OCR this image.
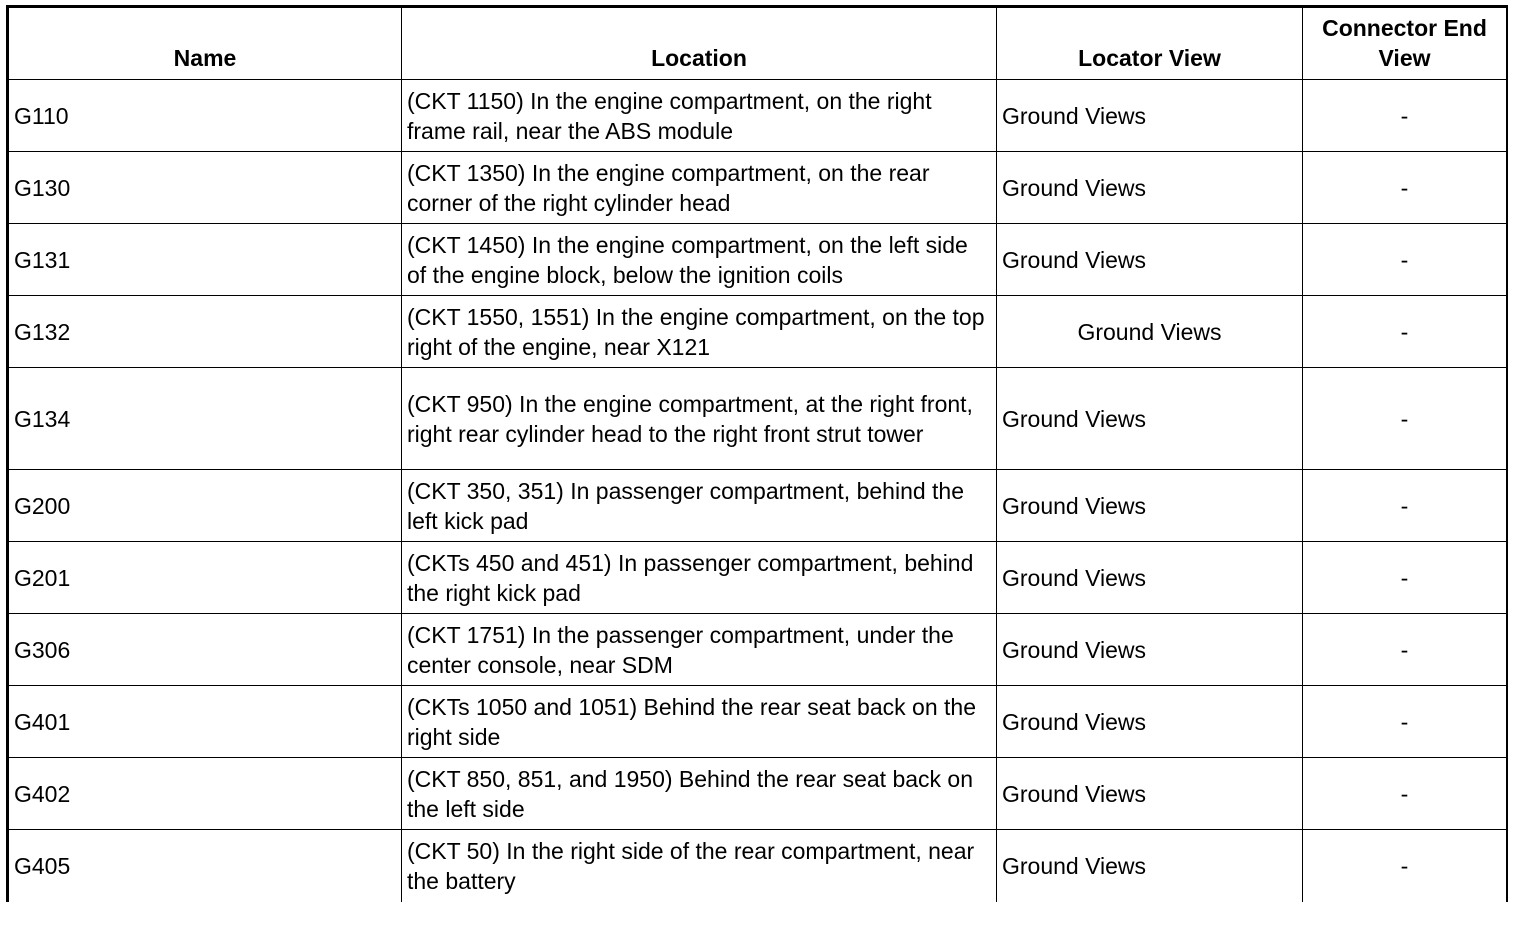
Name	Location	Locator View	Connector End View
G110	(CKT 1150) In the engine compartment, on the right frame rail, near the ABS module	Ground Views	-
G130	(CKT 1350) In the engine compartment, on the rear corner of the right cylinder head	Ground Views	-
G131	(CKT 1450) In the engine compartment, on the left side of the engine block, below the ignition coils	Ground Views	-
G132	(CKT 1550, 1551) In the engine compartment, on the top right of the engine, near X121	Ground Views	-
G134	(CKT 950) In the engine compartment, at the right front, right rear cylinder head to the right front strut tower	Ground Views	-
G200	(CKT 350, 351) In passenger compartment, behind the left kick pad	Ground Views	-
G201	(CKTs 450 and 451) In passenger compartment, behind the right kick pad	Ground Views	-
G306	(CKT 1751) In the passenger compartment, under the center console, near SDM	Ground Views	-
G401	(CKTs 1050 and 1051) Behind the rear seat back on the right side	Ground Views	-
G402	(CKT 850, 851, and 1950) Behind the rear seat back on the left side	Ground Views	-
G405	(CKT 50) In the right side of the rear compartment, near the battery	Ground Views	-
